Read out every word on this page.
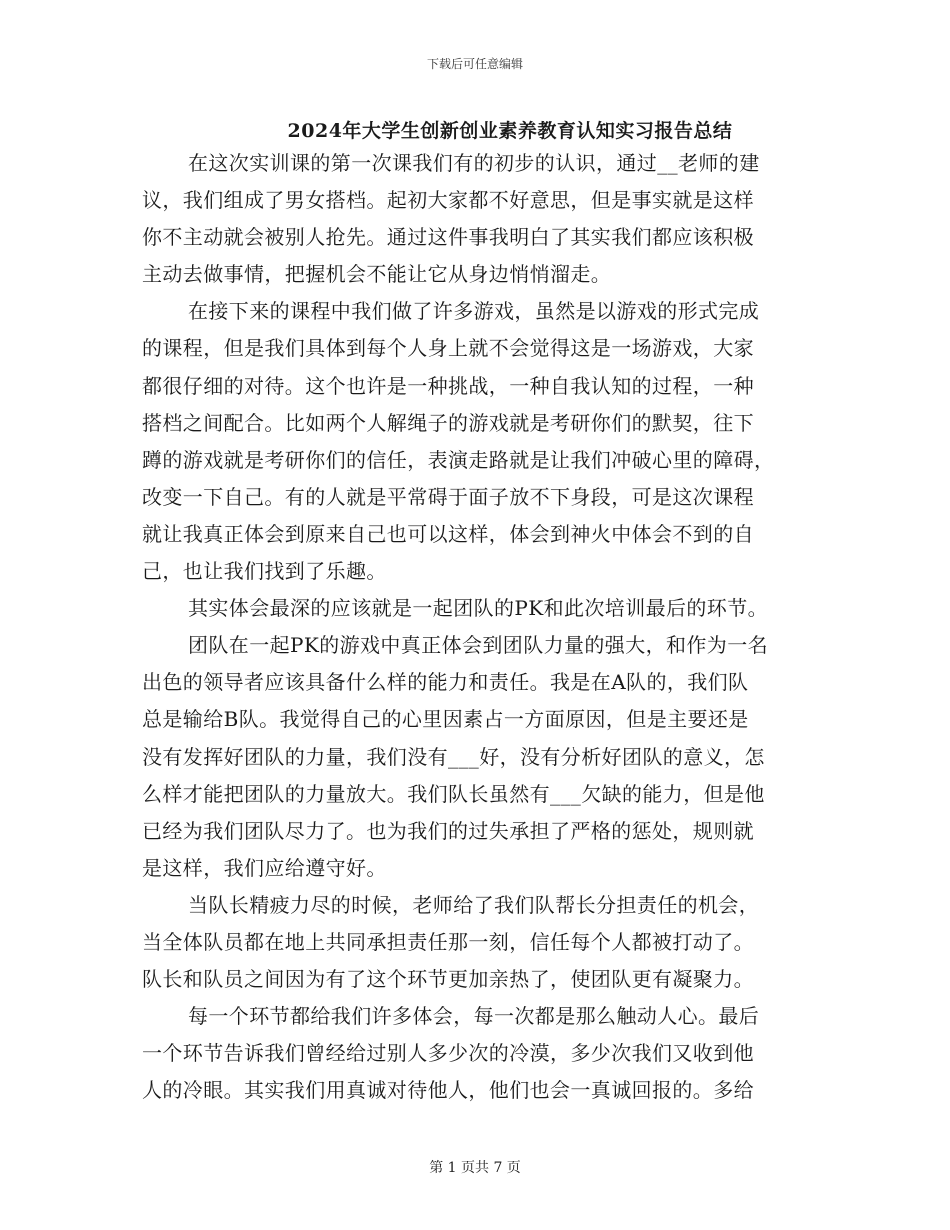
下载后可任意编辑
2024年大学生创新创业素养教育认知实习报告总结
在这次实训课的第一次课我们有的初步的认识，通过__老师的建
议，我们组成了男女搭档。起初大家都不好意思，但是事实就是这样
你不主动就会被别人抢先。通过这件事我明白了其实我们都应该积极
主动去做事情，把握机会不能让它从身边悄悄溜走。
在接下来的课程中我们做了许多游戏，虽然是以游戏的形式完成
的课程，但是我们具体到每个人身上就不会觉得这是一场游戏，大家
都很仔细的对待。这个也许是一种挑战，一种自我认知的过程，一种
搭档之间配合。比如两个人解绳子的游戏就是考研你们的默契，往下
蹲的游戏就是考研你们的信任，表演走路就是让我们冲破心里的障碍，
改变一下自己。有的人就是平常碍于面子放不下身段，可是这次课程
就让我真正体会到原来自己也可以这样，体会到神火中体会不到的自
己，也让我们找到了乐趣。
其实体会最深的应该就是一起团队的PK和此次培训最后的环节。
团队在一起PK的游戏中真正体会到团队力量的强大，和作为一名
出色的领导者应该具备什么样的能力和责任。我是在A队的，我们队
总是输给B队。我觉得自己的心里因素占一方面原因，但是主要还是
没有发挥好团队的力量，我们没有___好，没有分析好团队的意义，怎
么样才能把团队的力量放大。我们队长虽然有___欠缺的能力，但是他
已经为我们团队尽力了。也为我们的过失承担了严格的惩处，规则就
是这样，我们应给遵守好。
当队长精疲力尽的时候，老师给了我们队帮长分担责任的机会，
当全体队员都在地上共同承担责任那一刻，信任每个人都被打动了。
队长和队员之间因为有了这个环节更加亲热了，使团队更有凝聚力。
每一个环节都给我们许多体会，每一次都是那么触动人心。最后
一个环节告诉我们曾经给过别人多少次的冷漠，多少次我们又收到他
人的冷眼。其实我们用真诚对待他人，他们也会一真诚回报的。多给
第 1 页共 7 页
